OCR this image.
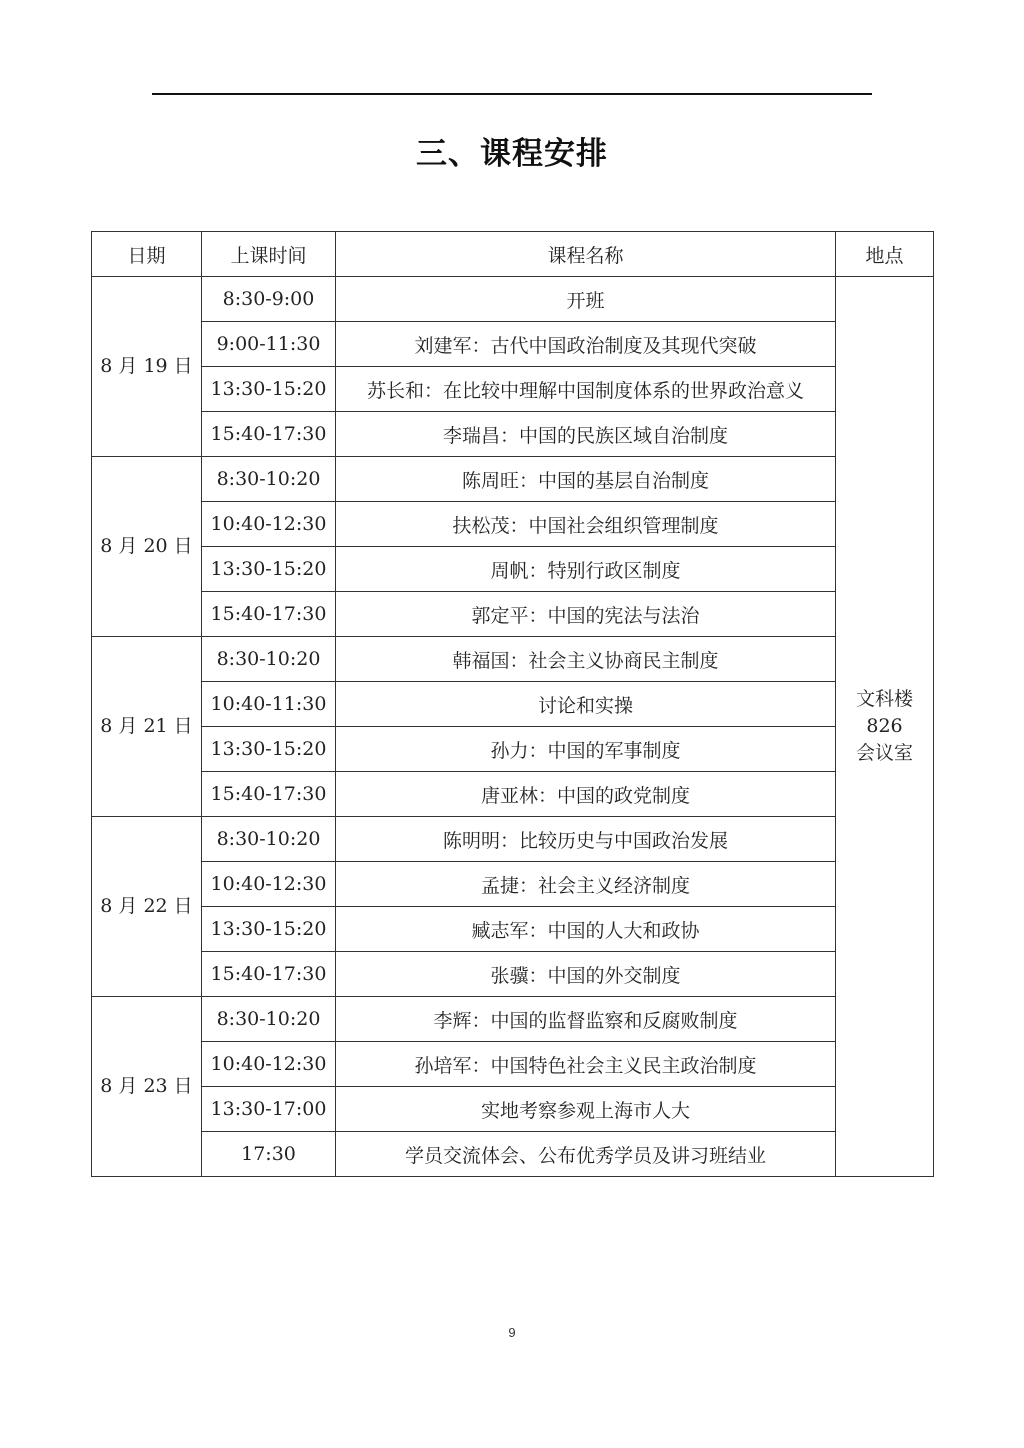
三、课程安排
日期	上课时间	课程名称	地点
8 月 19 日	8:30-9:00	开班	文科楼
826
会议室

	9:00-11:30	刘建军：古代中国政治制度及其现代突破	
	13:30-15:20	苏长和：在比较中理解中国制度体系的世界政治意义	
	15:40-17:30	李瑞昌：中国的民族区域自治制度	
8 月 20 日	8:30-10:20	陈周旺：中国的基层自治制度	
	10:40-12:30	扶松茂：中国社会组织管理制度	
	13:30-15:20	周帆：特别行政区制度	
	15:40-17:30	郭定平：中国的宪法与法治	
8 月 21 日	8:30-10:20	韩福国：社会主义协商民主制度	
	10:40-11:30	讨论和实操	
	13:30-15:20	孙力：中国的军事制度	
	15:40-17:30	唐亚林：中国的政党制度	
8 月 22 日	8:30-10:20	陈明明：比较历史与中国政治发展	
	10:40-12:30	孟捷：社会主义经济制度	
	13:30-15:20	臧志军：中国的人大和政协	
	15:40-17:30	张骥：中国的外交制度	
8 月 23 日	8:30-10:20	李辉：中国的监督监察和反腐败制度	
	10:40-12:30	孙培军：中国特色社会主义民主政治制度	
	13:30-17:00	实地考察参观上海市人大	
	17:30	学员交流体会、公布优秀学员及讲习班结业	
9
